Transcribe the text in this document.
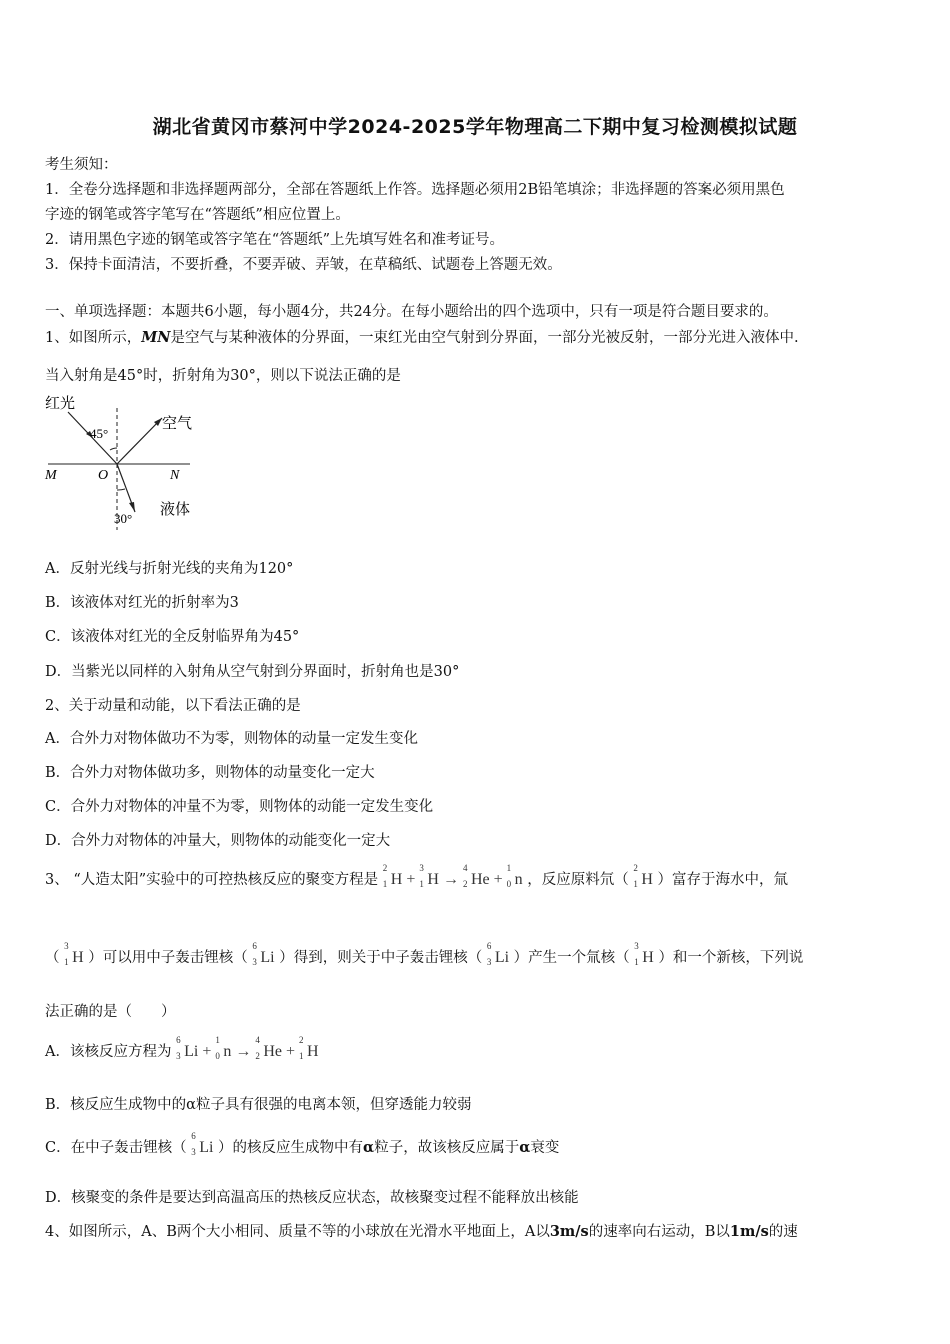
湖北省黄冈市蔡河中学2024-2025学年物理高二下期中复习检测模拟试题
考生须知：
1．全卷分选择题和非选择题两部分，全部在答题纸上作答。选择题必须用2B铅笔填涂；非选择题的答案必须用黑色
字迹的钢笔或答字笔写在“答题纸”相应位置上。
2．请用黑色字迹的钢笔或答字笔在“答题纸”上先填写姓名和准考证号。
3．保持卡面清洁，不要折叠，不要弄破、弄皱，在草稿纸、试题卷上答题无效。
一、单项选择题：本题共6小题，每小题4分，共24分。在每小题给出的四个选项中，只有一项是符合题目要求的。
1、如图所示，MN是空气与某种液体的分界面，一束红光由空气射到分界面，一部分光被反射，一部分光进入液体中.
当入射角是45°时，折射角为30°，则以下说法正确的是
红光
空气
液体
45°
30°
M	O	N
A．反射光线与折射光线的夹角为120°
B．该液体对红光的折射率为3
C．该液体对红光的全反射临界角为45°
D．当紫光以同样的入射角从空气射到分界面时，折射角也是30°
2、关于动量和动能，以下看法正确的是
A．合外力对物体做功不为零，则物体的动量一定发生变化
B．合外力对物体做功多，则物体的动量变化一定大
C．合外力对物体的冲量不为零，则物体的动能一定发生变化
D．合外力对物体的冲量大，则物体的动能变化一定大
3、 “人造太阳”实验中的可控热核反应的聚变方程是
2
1 H +
3
1 H →
4
2 He +
1
0 n ，反应原料氘（
2
1 H ）富存于海水中，氚
（
3
1 H ）可以用中子轰击锂核（
6
3 Li ）得到，则关于中子轰击锂核（
6
3 Li ）产生一个氚核（
3
1 H ）和一个新核，下列说
法正确的是（　　）
A．该核反应方程为
6
3 Li +
1
0 n →
4
2 He +
2
1 H
B．核反应生成物中的α粒子具有很强的电离本领，但穿透能力较弱
C．在中子轰击锂核（
6
3 Li ）的核反应生成物中有α粒子，故该核反应属于α衰变
D．核聚变的条件是要达到高温高压的热核反应状态，故核聚变过程不能释放出核能
4、如图所示，A、B两个大小相同、质量不等的小球放在光滑水平地面上，A以3m/s的速率向右运动，B以1m/s的速
